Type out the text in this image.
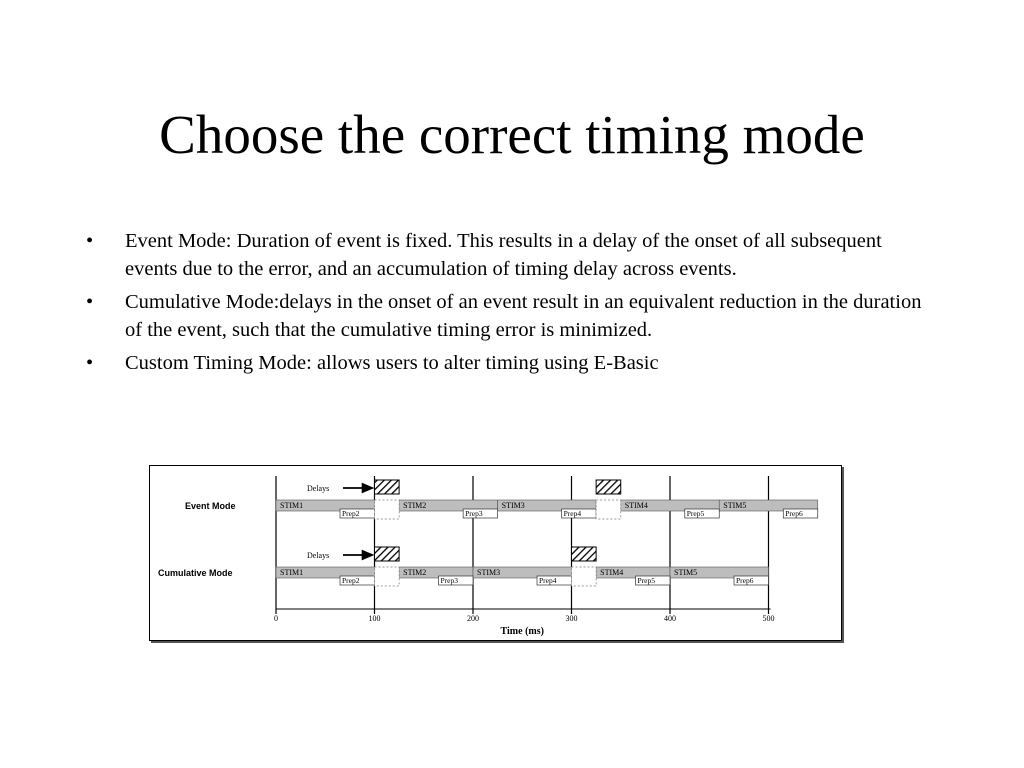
Choose the correct timing mode
• Event Mode: Duration of event is fixed. This results in a delay of the onset of all subsequent events due to the error, and an accumulation of timing delay across events.
• Cumulative Mode:delays in the onset of an event result in an equivalent reduction in the duration of the event, such that the cumulative timing error is minimized.
• Custom Timing Mode: allows users to alter timing using E-Basic
Event Mode	STIM1	STIM2	STIM3	STIM4	STIM5
Prep2	Prep3	Prep4	Prep5	Prep6
Delays
Cumulative Mode	STIM1	STIM2	STIM3	STIM4	STIM5
Prep2	Prep3	Prep4	Prep5	Prep6
Delays
0	100	200	300	400	500
Time (ms)
